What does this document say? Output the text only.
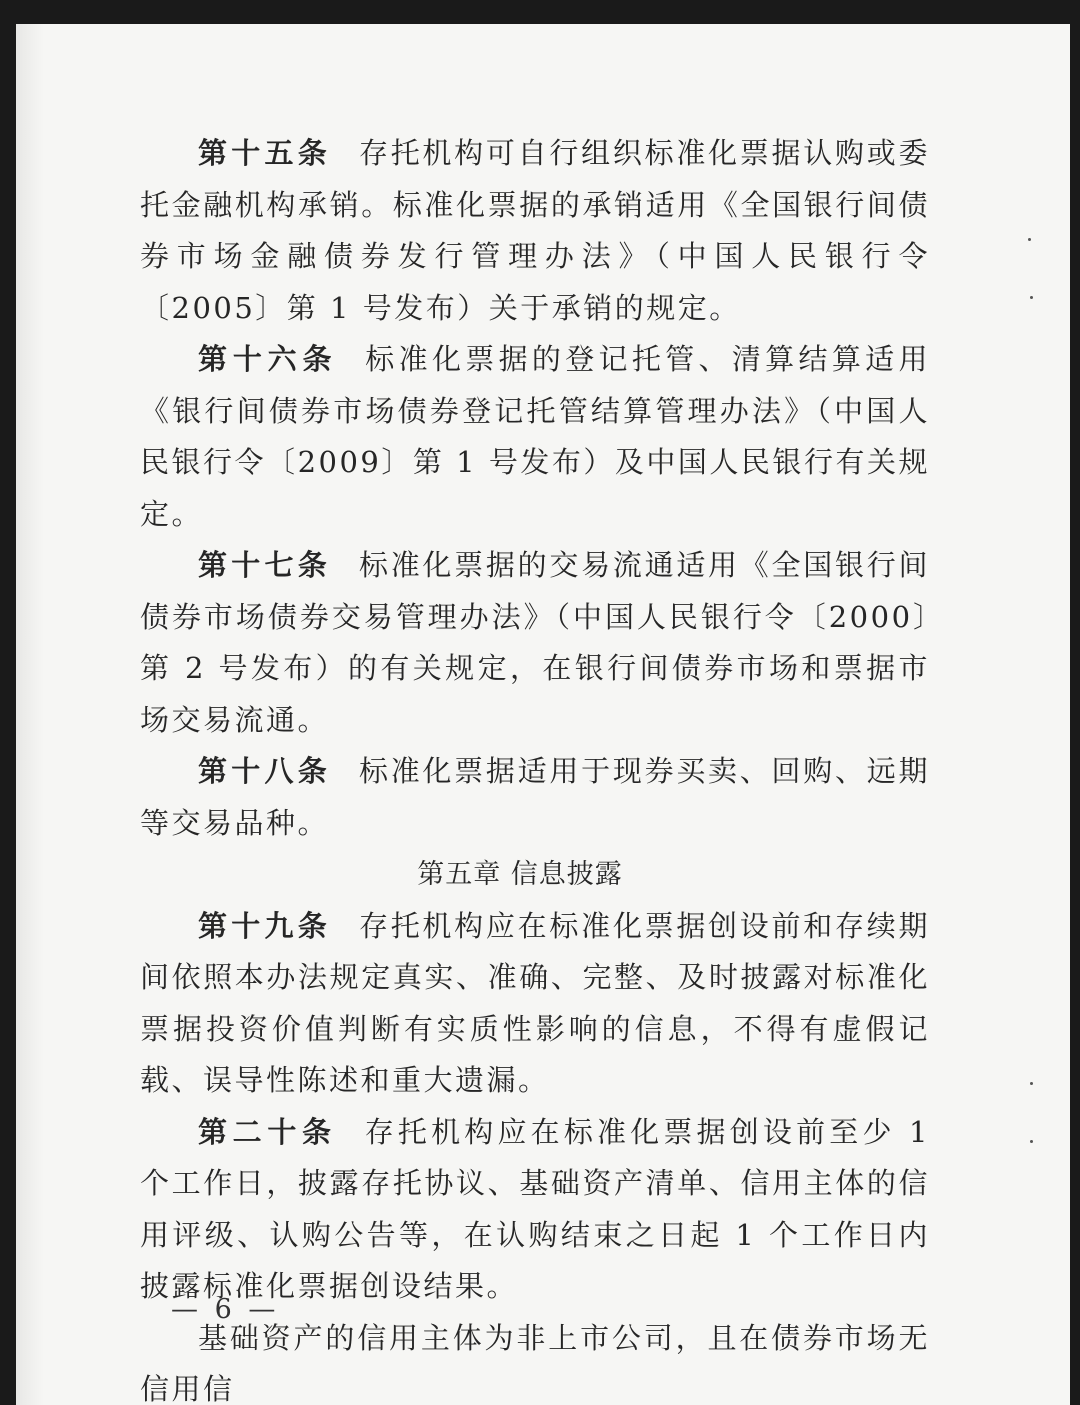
第十五条 存托机构可自行组织标准化票据认购或委托金融机构承销。标准化票据的承销适用《全国银行间债券市场金融债券发行管理办法》（中国人民银行令〔2005〕第 1 号发布）关于承销的规定。

第十六条 标准化票据的登记托管、清算结算适用《银行间债券市场债券登记托管结算管理办法》（中国人民银行令〔2009〕第 1 号发布）及中国人民银行有关规定。

第十七条 标准化票据的交易流通适用《全国银行间债券市场债券交易管理办法》（中国人民银行令〔2000〕第 2 号发布）的有关规定，在银行间债券市场和票据市场交易流通。

第十八条 标准化票据适用于现券买卖、回购、远期等交易品种。

第五章 信息披露

第十九条 存托机构应在标准化票据创设前和存续期间依照本办法规定真实、准确、完整、及时披露对标准化票据投资价值判断有实质性影响的信息，不得有虚假记载、误导性陈述和重大遗漏。

第二十条 存托机构应在标准化票据创设前至少 1 个工作日，披露存托协议、基础资产清单、信用主体的信用评级、认购公告等，在认购结束之日起 1 个工作日内披露标准化票据创设结果。

基础资产的信用主体为非上市公司，且在债券市场无信用信

— 6 —
